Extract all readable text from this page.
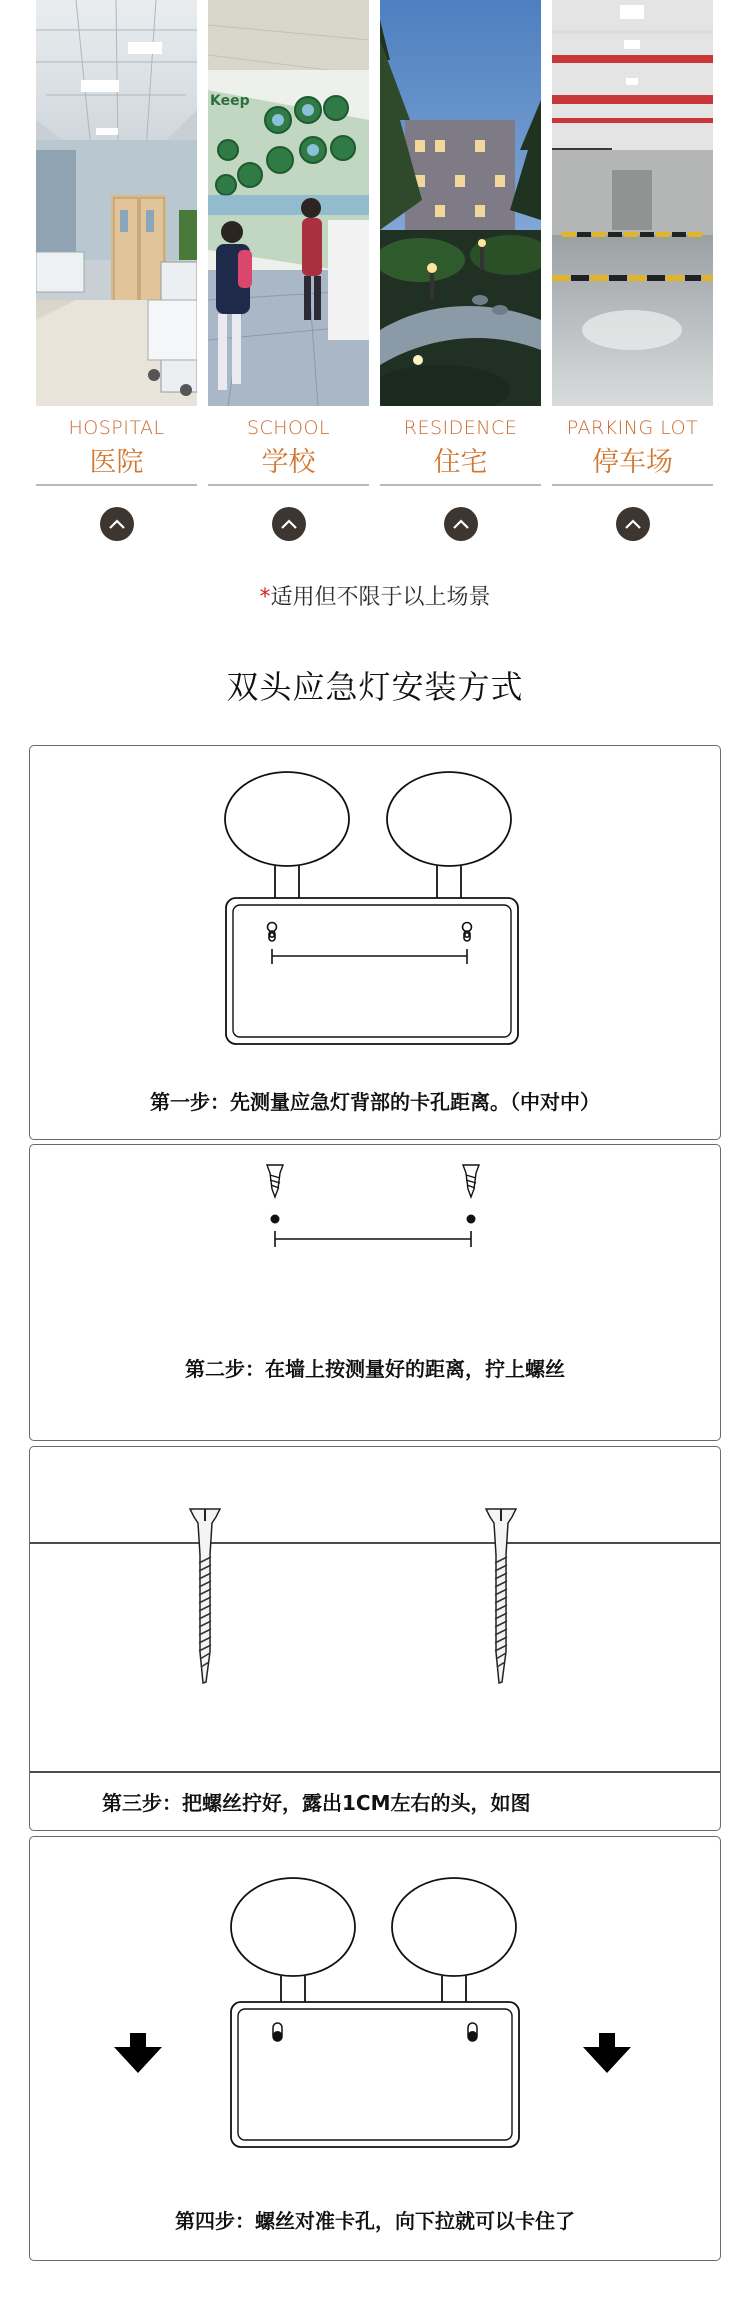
HOSPITAL
医院
Keep
SCHOOL
学校
RESIDENCE
住宅
PARKING LOT
停车场
*适用但不限于以上场景
双头应急灯安装方式
第一步：先测量应急灯背部的卡孔距离。（中对中）
第二步：在墙上按测量好的距离，拧上螺丝
第三步：把螺丝拧好，露出1CM左右的头，如图
第四步：螺丝对准卡孔，向下拉就可以卡住了
